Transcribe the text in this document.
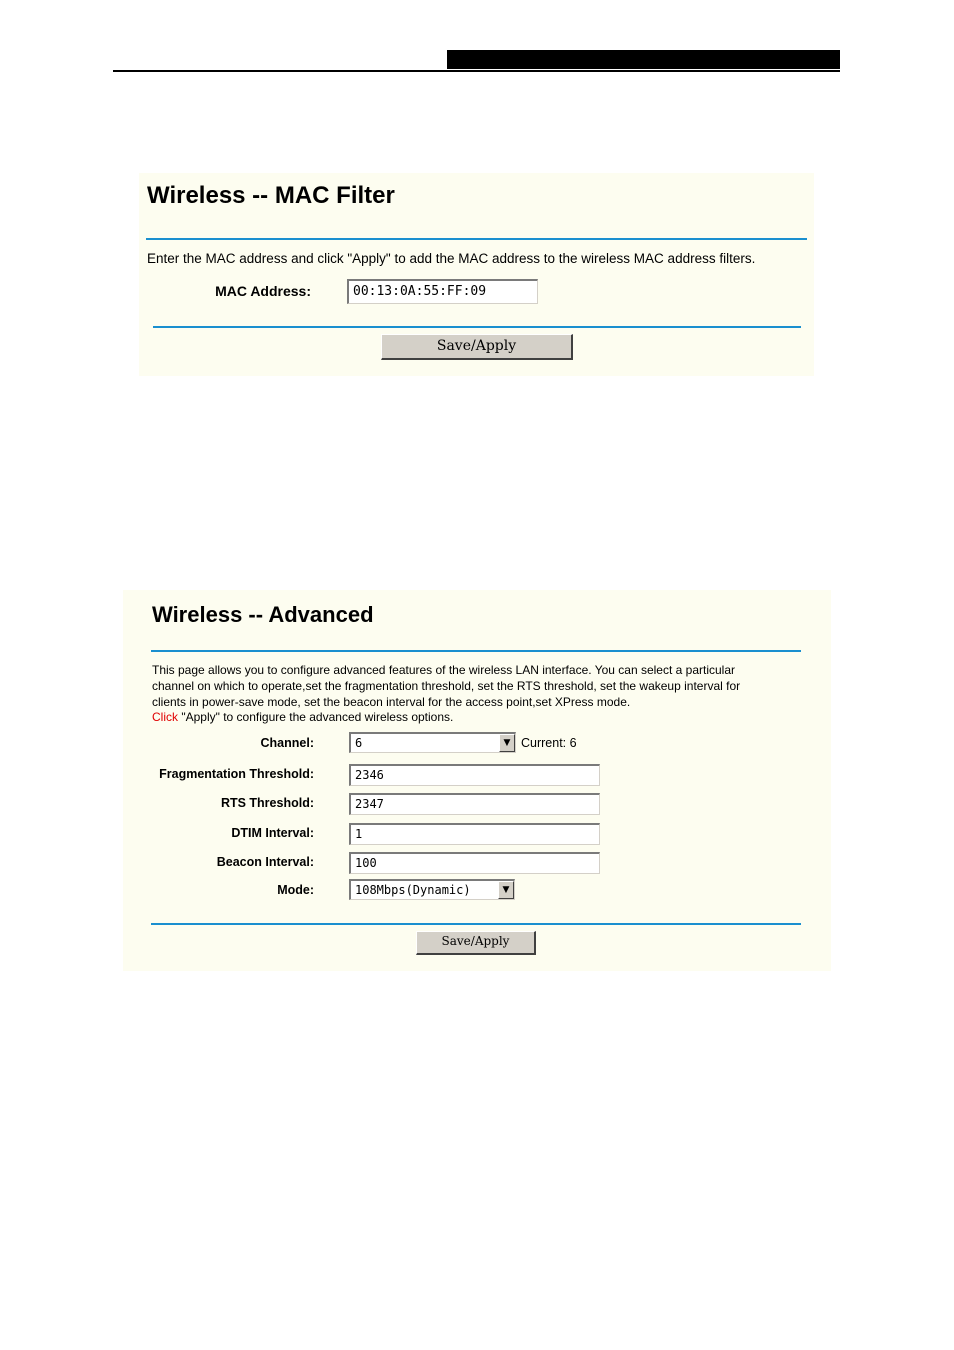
Wireless -- MAC Filter
Enter the MAC address and click "Apply" to add the MAC address to the wireless MAC address filters.
MAC Address:	00:13:0A:55:FF:09
Save/Apply
Wireless -- Advanced
This page allows you to configure advanced features of the wireless LAN interface. You can select a particular
channel on which to operate,set the fragmentation threshold, set the RTS threshold, set the wakeup interval for
clients in power-save mode, set the beacon interval for the access point,set XPress mode.
Click "Apply" to configure the advanced wireless options.
Channel:	6	▼ Current: 6
Fragmentation Threshold:	2346
RTS Threshold:	2347
DTIM Interval:	1
Beacon Interval:	100
Mode:	108Mbps(Dynamic)	▼
Save/Apply
